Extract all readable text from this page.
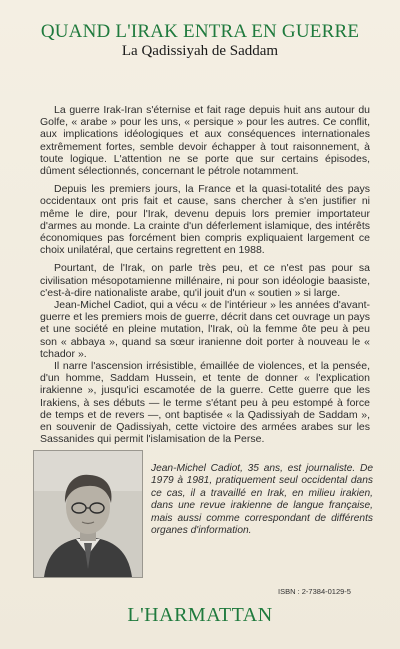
QUAND L'IRAK ENTRA EN GUERRE
La Qadissiyah de Saddam

La guerre Irak-Iran s'éternise et fait rage depuis huit ans autour du Golfe, « arabe » pour les uns, « persique » pour les autres. Ce conflit, aux implications idéologiques et aux conséquences internationales extrêmement fortes, semble devoir échapper à tout raisonnement, à toute logique. L'attention ne se porte que sur certains épisodes, dûment sélectionnés, concernant le pétrole notamment.

Depuis les premiers jours, la France et la quasi-totalité des pays occidentaux ont pris fait et cause, sans chercher à s'en justifier ni même le dire, pour l'Irak, devenu depuis lors premier importateur d'armes au monde. La crainte d'un déferlement islamique, des intérêts économiques pas forcément bien compris expliquaient largement ce choix unilatéral, que certains regrettent en 1988.

Pourtant, de l'Irak, on parle très peu, et ce n'est pas pour sa civilisation mésopotamienne millénaire, ni pour son idéologie baasiste, c'est-à-dire nationaliste arabe, qu'il jouit d'un « soutien » si large.

Jean-Michel Cadiot, qui a vécu « de l'intérieur » les années d'avant-guerre et les premiers mois de guerre, décrit dans cet ouvrage un pays et une société en pleine mutation, l'Irak, où la femme ôte peu à peu son « abbaya », quand sa sœur iranienne doit porter à nouveau le « tchador ».

Il narre l'ascension irrésistible, émaillée de violences, et la pensée, d'un homme, Saddam Hussein, et tente de donner « l'explication irakienne », jusqu'ici escamotée de la guerre. Cette guerre que les Irakiens, à ses débuts — le terme s'étant peu à peu estompé à force de temps et de revers —, ont baptisée « la Qadissiyah de Saddam », en souvenir de Qadissiyah, cette victoire des armées arabes sur les Sassanides qui permit l'islamisation de la Perse.

Jean-Michel Cadiot, 35 ans, est journaliste. De 1979 à 1981, pratiquement seul occidental dans ce cas, il a travaillé en Irak, en milieu irakien, dans une revue irakienne de langue française, mais aussi comme correspondant de différents organes d'information.
ISBN : 2-7384-0129-5
L'HARMATTAN
